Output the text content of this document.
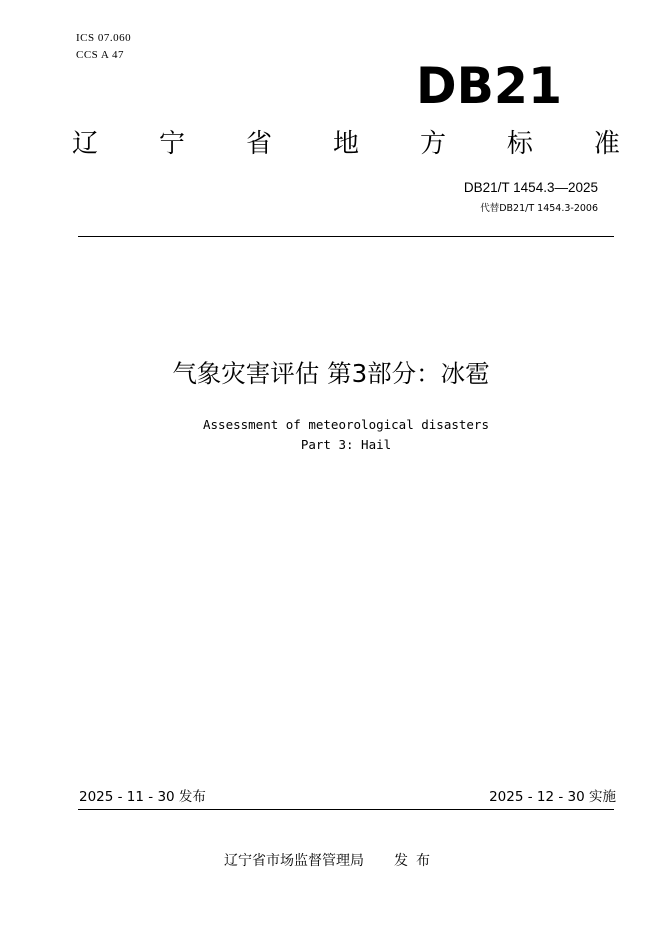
ICS 07.060
CCS A 47
DB21
辽 宁 省 地 方 标 准
DB21/T 1454.3—2025
代替DB21/T 1454.3-2006
气象灾害评估 第3部分：冰雹
Assessment of meteorological disasters
Part 3: Hail
2025 - 11 - 30 发布	2025 - 12 - 30 实施
辽宁省市场监督管理局 发布
